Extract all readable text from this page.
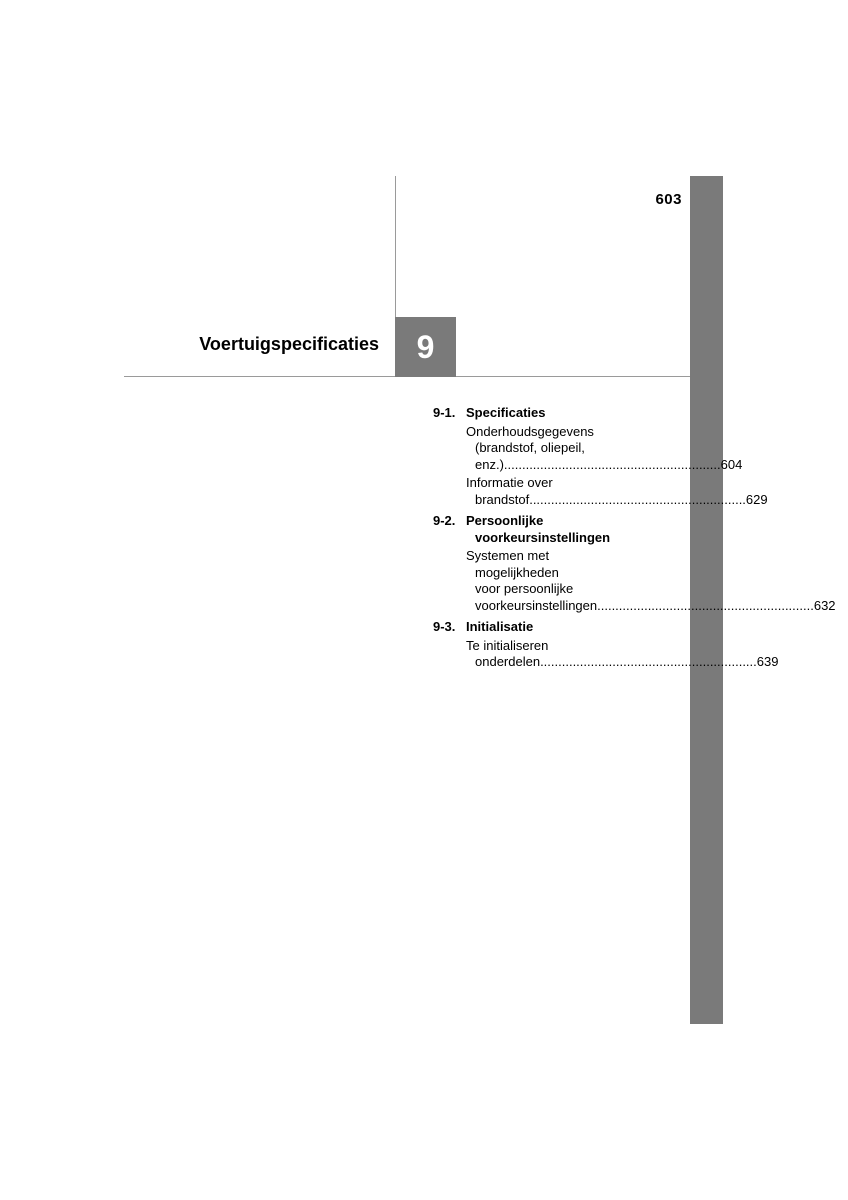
603
Voertuigspecificaties	9
9-1. Specificaties
Onderhoudsgegevens
(brandstof, oliepeil,
enz.) ............................................................ 604
Informatie over
brandstof ............................................................ 629
9-2. Persoonlijke
voorkeursinstellingen
Systemen met
mogelijkheden
voor persoonlijke
voorkeursinstellingen ............................................................ 632
9-3. Initialisatie
Te initialiseren
onderdelen ............................................................ 639
